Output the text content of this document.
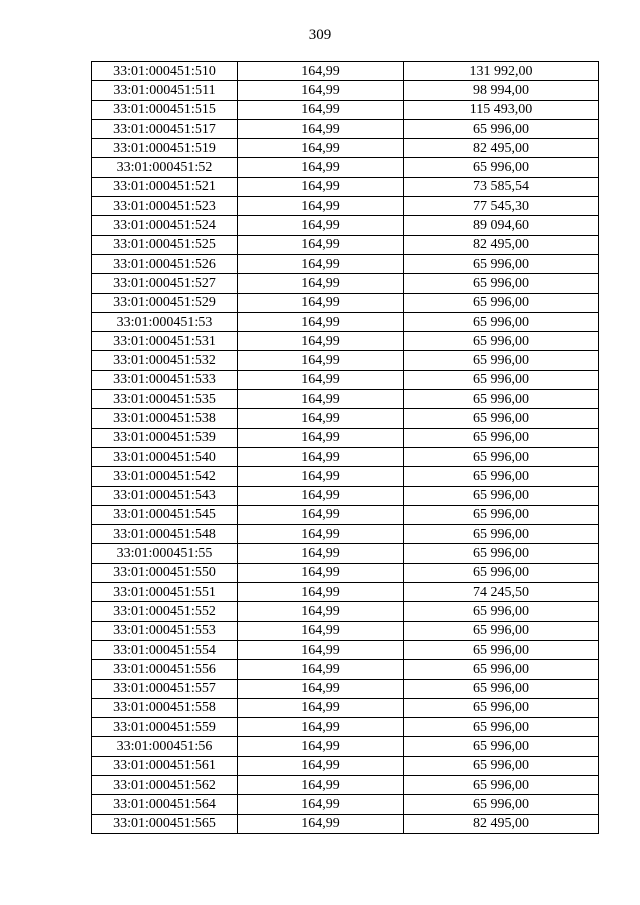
309
33:01:000451:510	164,99	131 992,00
33:01:000451:511	164,99	98 994,00
33:01:000451:515	164,99	115 493,00
33:01:000451:517	164,99	65 996,00
33:01:000451:519	164,99	82 495,00
33:01:000451:52	164,99	65 996,00
33:01:000451:521	164,99	73 585,54
33:01:000451:523	164,99	77 545,30
33:01:000451:524	164,99	89 094,60
33:01:000451:525	164,99	82 495,00
33:01:000451:526	164,99	65 996,00
33:01:000451:527	164,99	65 996,00
33:01:000451:529	164,99	65 996,00
33:01:000451:53	164,99	65 996,00
33:01:000451:531	164,99	65 996,00
33:01:000451:532	164,99	65 996,00
33:01:000451:533	164,99	65 996,00
33:01:000451:535	164,99	65 996,00
33:01:000451:538	164,99	65 996,00
33:01:000451:539	164,99	65 996,00
33:01:000451:540	164,99	65 996,00
33:01:000451:542	164,99	65 996,00
33:01:000451:543	164,99	65 996,00
33:01:000451:545	164,99	65 996,00
33:01:000451:548	164,99	65 996,00
33:01:000451:55	164,99	65 996,00
33:01:000451:550	164,99	65 996,00
33:01:000451:551	164,99	74 245,50
33:01:000451:552	164,99	65 996,00
33:01:000451:553	164,99	65 996,00
33:01:000451:554	164,99	65 996,00
33:01:000451:556	164,99	65 996,00
33:01:000451:557	164,99	65 996,00
33:01:000451:558	164,99	65 996,00
33:01:000451:559	164,99	65 996,00
33:01:000451:56	164,99	65 996,00
33:01:000451:561	164,99	65 996,00
33:01:000451:562	164,99	65 996,00
33:01:000451:564	164,99	65 996,00
33:01:000451:565	164,99	82 495,00
